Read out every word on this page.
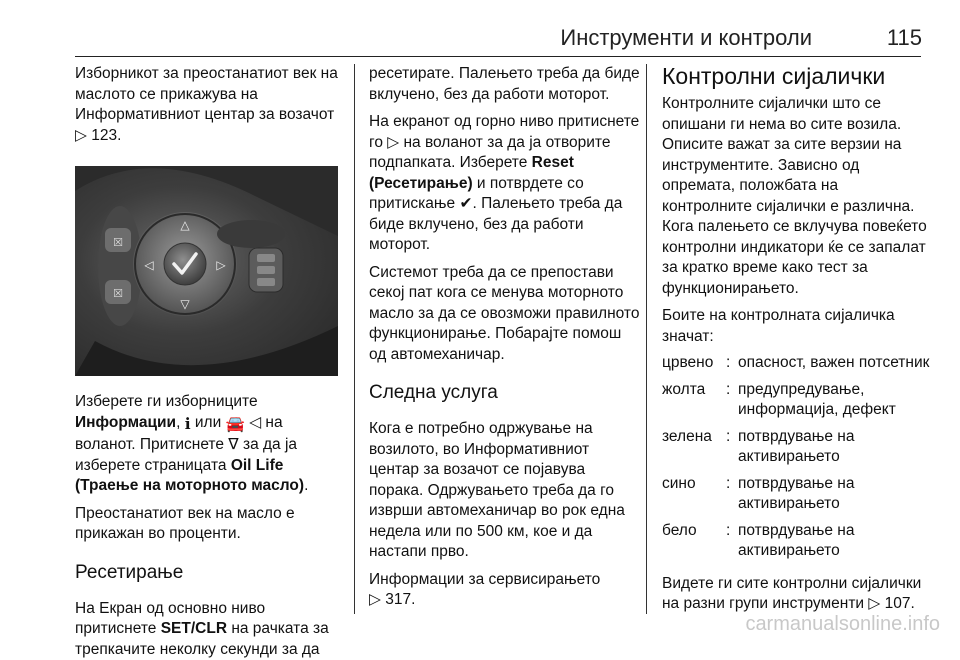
Инструменти и контроли	115

Изборникот за преостанатиот век на маслото се прикажува на Информативниот центар за возачот ▷ 123.

☒
☒
△
▽
◁	▷

Изберете ги изборниците Информации, ℹ или 🚘 ◁ на воланот. Притиснете ∇ за да ја изберете страницата Oil Life (Траење на моторното масло).

Преостанатиот век на масло е прикажан во проценти.

Ресетирање

На Екран од основно ниво притиснете SET/CLR на рачката за трепкачите неколку секунди за да

ресетирате. Палењето треба да биде вклучено, без да работи моторот.

На екранот од горно ниво притиснете го ▷ на воланот за да ја отворите подпапката. Изберете Reset (Ресетирање) и потврдете со притискање ✔. Палењето треба да биде вклучено, без да работи моторот.

Системот треба да се препостави секој пат кога се менува моторното масло за да се овозможи правилното функционирање. Побарајте помош од автомеханичар.

Следна услуга

Кога е потребно одржување на возилото, во Информативниот центар за возачот се појавува порака. Одржувањето треба да го изврши автомеханичар во рок една недела или по 500 км, кое и да настапи прво.

Информации за сервисирањето
▷ 317.

Контролни сијалички

Контролните сијалички што се опишани ги нема во сите возила. Описите важат за сите верзии на инструментите. Зависно од опремата, положбата на контролните сијалички е различна. Кога палењето се вклучува повеќето контролни индикатори ќе се запалат за кратко време како тест за функционирањето.

Боите на контролната сијаличка значат:

црвено : опасност, важен потсетник
жолта	: предупредување, информација, дефект
зелена : потврдување на активирањето
сино	: потврдување на активирањето
бело	: потврдување на активирањето

Видете ги сите контролни сијалички на разни групи инструменти ▷ 107.

carmanualsonline.info
